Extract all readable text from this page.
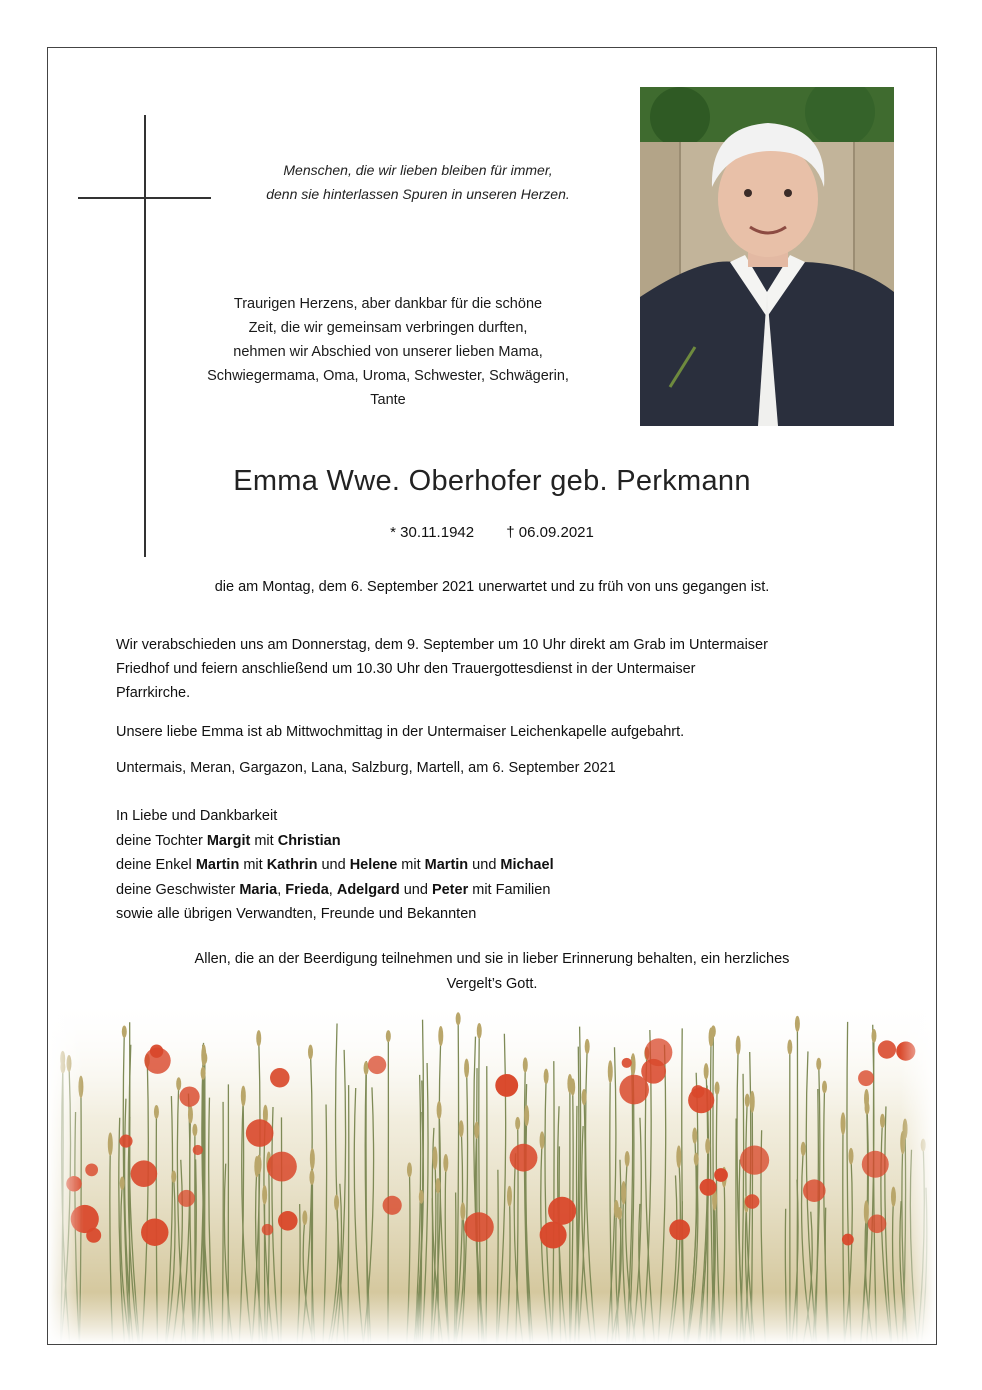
Menschen, die wir lieben bleiben für immer,
denn sie hinterlassen Spuren in unseren Herzen.
Traurigen Herzens, aber dankbar für die schöne
Zeit, die wir gemeinsam verbringen durften,
nehmen wir Abschied von unserer lieben Mama,
Schwiegermama, Oma, Uroma, Schwester, Schwägerin,
Tante
Emma Wwe. Oberhofer geb. Perkmann
* 30.11.1942 † 06.09.2021
die am Montag, dem 6. September 2021 unerwartet und zu früh von uns gegangen ist.
Wir verabschieden uns am Donnerstag, dem 9. September um 10 Uhr direkt am Grab im Untermaiser
Friedhof und feiern anschließend um 10.30 Uhr den Trauergottesdienst in der Untermaiser
Pfarrkirche.
Unsere liebe Emma ist ab Mittwochmittag in der Untermaiser Leichenkapelle aufgebahrt.
Untermais, Meran, Gargazon, Lana, Salzburg, Martell, am 6. September 2021
In Liebe und Dankbarkeit
deine Tochter Margit mit Christian
deine Enkel Martin mit Kathrin und Helene mit Martin und Michael
deine Geschwister Maria, Frieda, Adelgard und Peter mit Familien
sowie alle übrigen Verwandten, Freunde und Bekannten
Allen, die an der Beerdigung teilnehmen und sie in lieber Erinnerung behalten, ein herzliches
Vergelt’s Gott.
